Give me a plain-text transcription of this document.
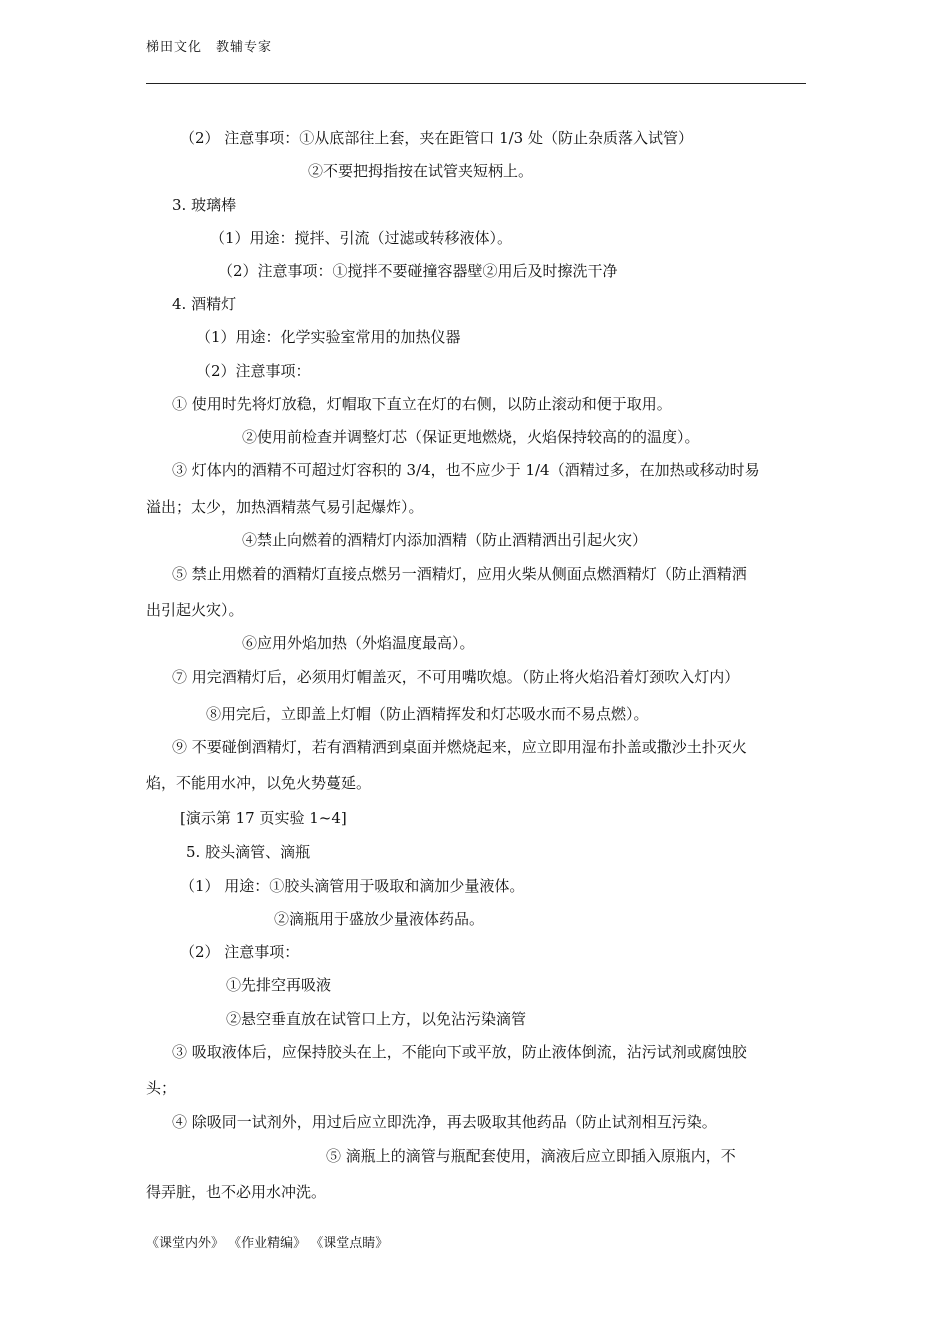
梯田文化　教辅专家
（2） 注意事项：①从底部往上套，夹在距管口 1/3 处（防止杂质落入试管）
②不要把拇指按在试管夹短柄上。
3. 玻璃棒
（1）用途：搅拌、引流（过滤或转移液体）。
（2）注意事项：①搅拌不要碰撞容器壁②用后及时擦洗干净
4. 酒精灯
（1）用途：化学实验室常用的加热仪器
（2）注意事项：
① 使用时先将灯放稳，灯帽取下直立在灯的右侧，以防止滚动和便于取用。
②使用前检查并调整灯芯（保证更地燃烧，火焰保持较高的的温度）。
③ 灯体内的酒精不可超过灯容积的 3/4，也不应少于 1/4（酒精过多，在加热或移动时易
溢出；太少，加热酒精蒸气易引起爆炸）。
④禁止向燃着的酒精灯内添加酒精（防止酒精洒出引起火灾）
⑤ 禁止用燃着的酒精灯直接点燃另一酒精灯，应用火柴从侧面点燃酒精灯（防止酒精洒
出引起火灾）。
⑥应用外焰加热（外焰温度最高）。
⑦ 用完酒精灯后，必须用灯帽盖灭，不可用嘴吹熄。（防止将火焰沿着灯颈吹入灯内）
⑧用完后，立即盖上灯帽（防止酒精挥发和灯芯吸水而不易点燃）。
⑨ 不要碰倒酒精灯，若有酒精洒到桌面并燃烧起来，应立即用湿布扑盖或撒沙土扑灭火
焰，不能用水冲，以免火势蔓延。
[演示第 17 页实验 1~4]
5. 胶头滴管、滴瓶
（1） 用途：①胶头滴管用于吸取和滴加少量液体。
②滴瓶用于盛放少量液体药品。
（2） 注意事项：
①先排空再吸液
②悬空垂直放在试管口上方，以免沾污染滴管
③ 吸取液体后，应保持胶头在上，不能向下或平放，防止液体倒流，沾污试剂或腐蚀胶
头；
④ 除吸同一试剂外，用过后应立即洗净，再去吸取其他药品（防止试剂相互污染。
⑤ 滴瓶上的滴管与瓶配套使用，滴液后应立即插入原瓶内，不
得弄脏，也不必用水冲洗。
《课堂内外》 《作业精编》 《课堂点睛》
